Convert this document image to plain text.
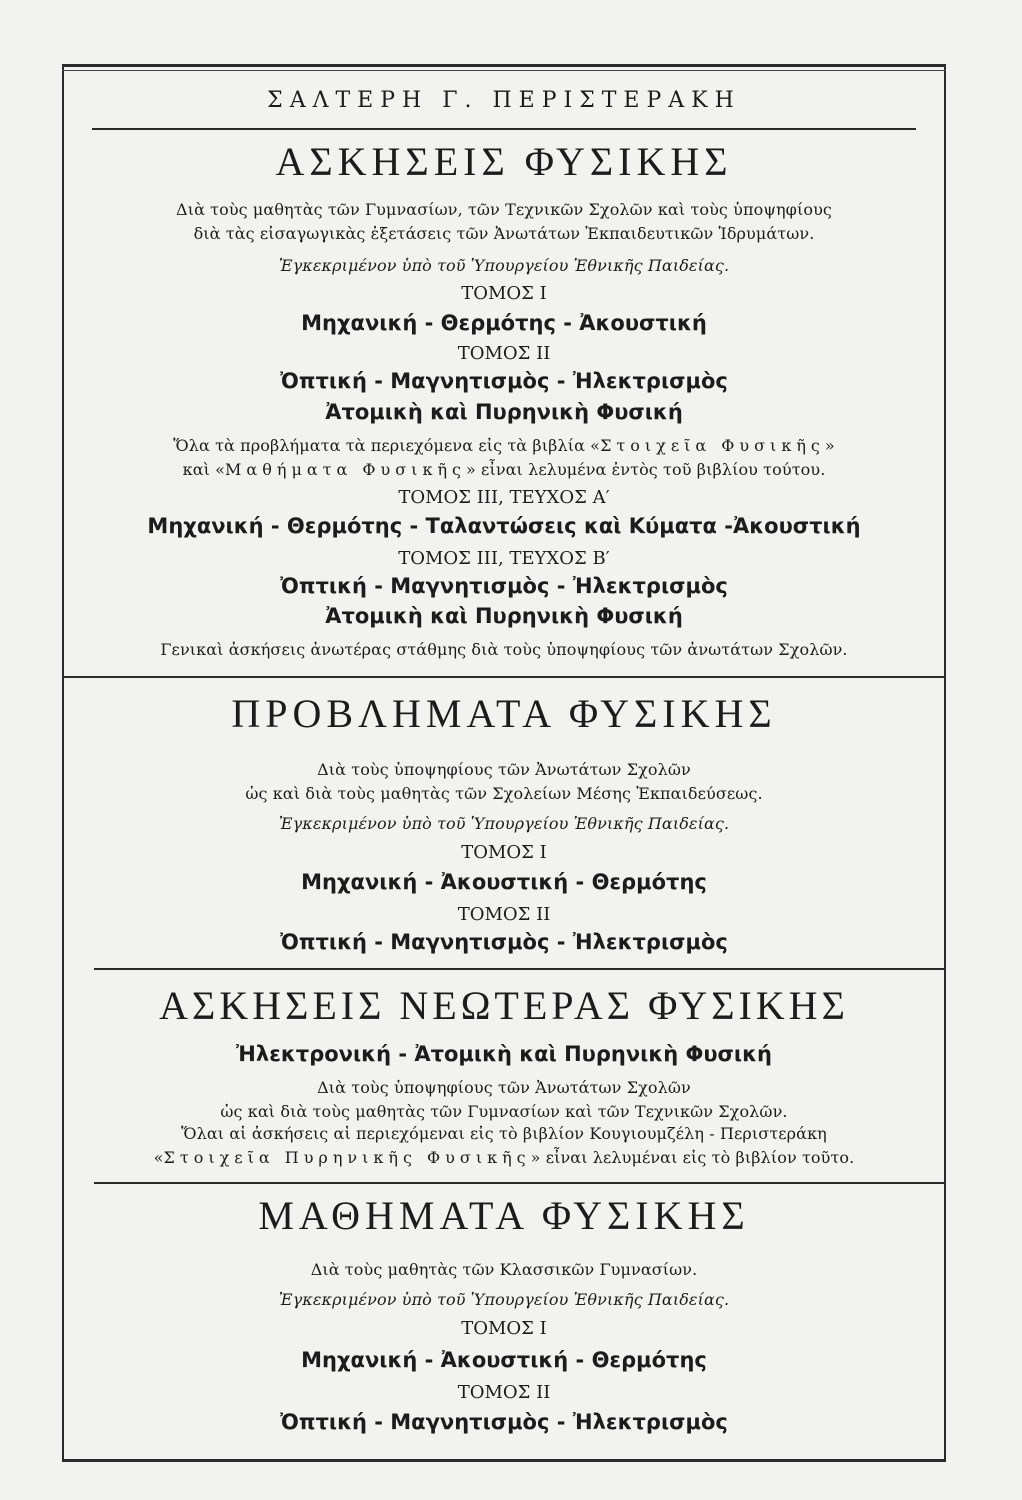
ΣΑΛΤΕΡΗ Γ. ΠΕΡΙΣΤΕΡΑΚΗ
ΑΣΚΗΣΕΙΣ ΦΥΣΙΚΗΣ
Διὰ τοὺς μαθητὰς τῶν Γυμνασίων, τῶν Τεχνικῶν Σχολῶν καὶ τοὺς ὑποψηφίους
διὰ τὰς εἰσαγωγικὰς ἐξετάσεις τῶν Ἀνωτάτων Ἐκπαιδευτικῶν Ἱδρυμάτων.
Ἐγκεκριμένον ὑπὸ τοῦ Ὑπουργείου Ἐθνικῆς Παιδείας.
ΤΟΜΟΣ Ι
Μηχανική - Θερμότης - Ἀκουστική
ΤΟΜΟΣ ΙΙ
Ὀπτική - Μαγνητισμὸς - Ἠλεκτρισμὸς
Ἀτομικὴ καὶ Πυρηνικὴ Φυσική
Ὅλα τὰ προβλήματα τὰ περιεχόμενα εἰς τὰ βιβλία «Στοιχεῖα Φυσικῆς»
καὶ «Μαθήματα Φυσικῆς» εἶναι λελυμένα ἐντὸς τοῦ βιβλίου τούτου.
ΤΟΜΟΣ ΙΙΙ, ΤΕΥΧΟΣ Α′
Μηχανική - Θερμότης - Ταλαντώσεις καὶ Κύματα -Ἀκουστική
ΤΟΜΟΣ ΙΙΙ, ΤΕΥΧΟΣ Β′
Ὀπτική - Μαγνητισμὸς - Ἠλεκτρισμὸς
Ἀτομικὴ καὶ Πυρηνικὴ Φυσική
Γενικαὶ ἀσκήσεις ἀνωτέρας στάθμης διὰ τοὺς ὑποψηφίους τῶν ἀνωτάτων Σχολῶν.
ΠΡΟΒΛΗΜΑΤΑ ΦΥΣΙΚΗΣ
Διὰ τοὺς ὑποψηφίους τῶν Ἀνωτάτων Σχολῶν
ὡς καὶ διὰ τοὺς μαθητὰς τῶν Σχολείων Μέσης Ἐκπαιδεύσεως.
Ἐγκεκριμένον ὑπὸ τοῦ Ὑπουργείου Ἐθνικῆς Παιδείας.
ΤΟΜΟΣ Ι
Μηχανική - Ἀκουστική - Θερμότης
ΤΟΜΟΣ ΙΙ
Ὀπτική - Μαγνητισμὸς - Ἠλεκτρισμὸς
ΑΣΚΗΣΕΙΣ ΝΕΩΤΕΡΑΣ ΦΥΣΙΚΗΣ
Ἠλεκτρονική - Ἀτομικὴ καὶ Πυρηνικὴ Φυσική
Διὰ τοὺς ὑποψηφίους τῶν Ἀνωτάτων Σχολῶν
ὡς καὶ διὰ τοὺς μαθητὰς τῶν Γυμνασίων καὶ τῶν Τεχνικῶν Σχολῶν.
Ὅλαι αἱ ἀσκήσεις αἱ περιεχόμεναι εἰς τὸ βιβλίον Κουγιουμζέλη - Περιστεράκη
«Στοιχεῖα Πυρηνικῆς Φυσικῆς» εἶναι λελυμέναι εἰς τὸ βιβλίον τοῦτο.
ΜΑΘΗΜΑΤΑ ΦΥΣΙΚΗΣ
Διὰ τοὺς μαθητὰς τῶν Κλασσικῶν Γυμνασίων.
Ἐγκεκριμένον ὑπὸ τοῦ Ὑπουργείου Ἐθνικῆς Παιδείας.
ΤΟΜΟΣ Ι
Μηχανική - Ἀκουστική - Θερμότης
ΤΟΜΟΣ ΙΙ
Ὀπτική - Μαγνητισμὸς - Ἠλεκτρισμὸς
